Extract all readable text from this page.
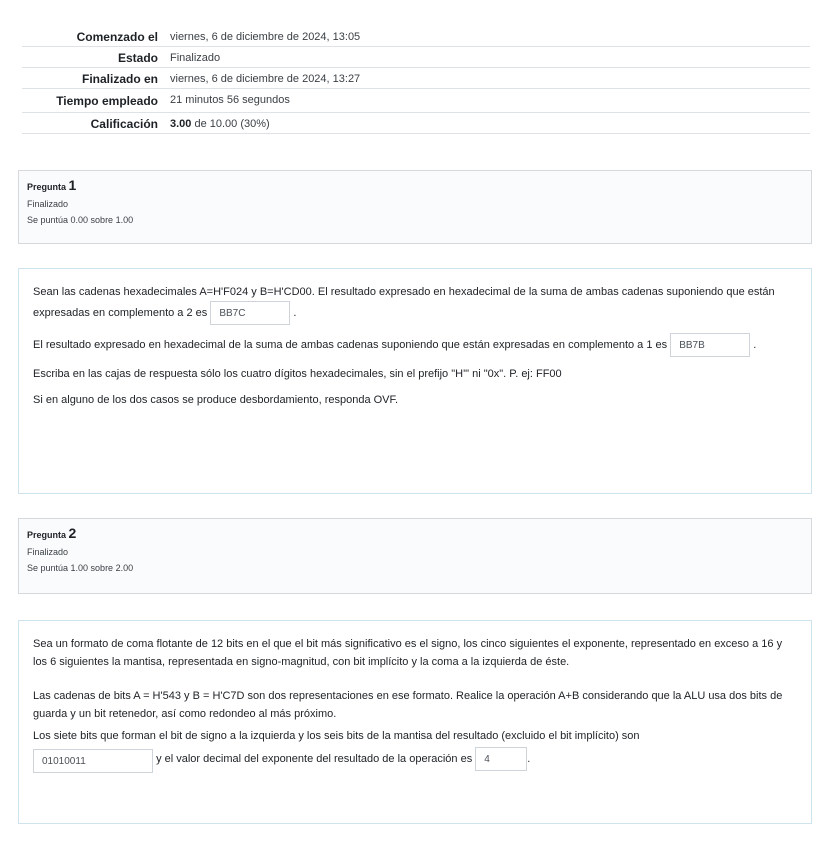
Comenzado el	viernes, 6 de diciembre de 2024, 13:05
Estado	Finalizado
Finalizado en	viernes, 6 de diciembre de 2024, 13:27
Tiempo empleado	21 minutos 56 segundos
Calificación	3.00 de 10.00 (30%)
Pregunta 1
Finalizado
Se puntúa 0.00 sobre 1.00

Sean las cadenas hexadecimales A=H'F024 y B=H'CD00. El resultado expresado en hexadecimal de la suma de ambas cadenas suponiendo que están expresadas en complemento a 2 es BB7C	.

El resultado expresado en hexadecimal de la suma de ambas cadenas suponiendo que están expresadas en complemento a 1 es BB7B	.

Escriba en las cajas de respuesta sólo los cuatro dígitos hexadecimales, sin el prefijo "H'" ni "0x". P. ej: FF00

Si en alguno de los dos casos se produce desbordamiento, responda OVF.

Pregunta 2
Finalizado
Se puntúa 1.00 sobre 2.00

Sea un formato de coma flotante de 12 bits en el que el bit más significativo es el signo, los cinco siguientes el exponente, representado en exceso a 16 y los 6 siguientes la mantisa, representada en signo-magnitud, con bit implícito y la coma a la izquierda de éste.

Las cadenas de bits A = H'543 y B = H'C7D son dos representaciones en ese formato. Realice la operación A+B considerando que la ALU usa dos bits de guarda y un bit retenedor, así como redondeo al más próximo.

Los siete bits que forman el bit de signo a la izquierda y los seis bits de la mantisa del resultado (excluido el bit implícito) son
01010011	y el valor decimal del exponente del resultado de la operación es 4	.
